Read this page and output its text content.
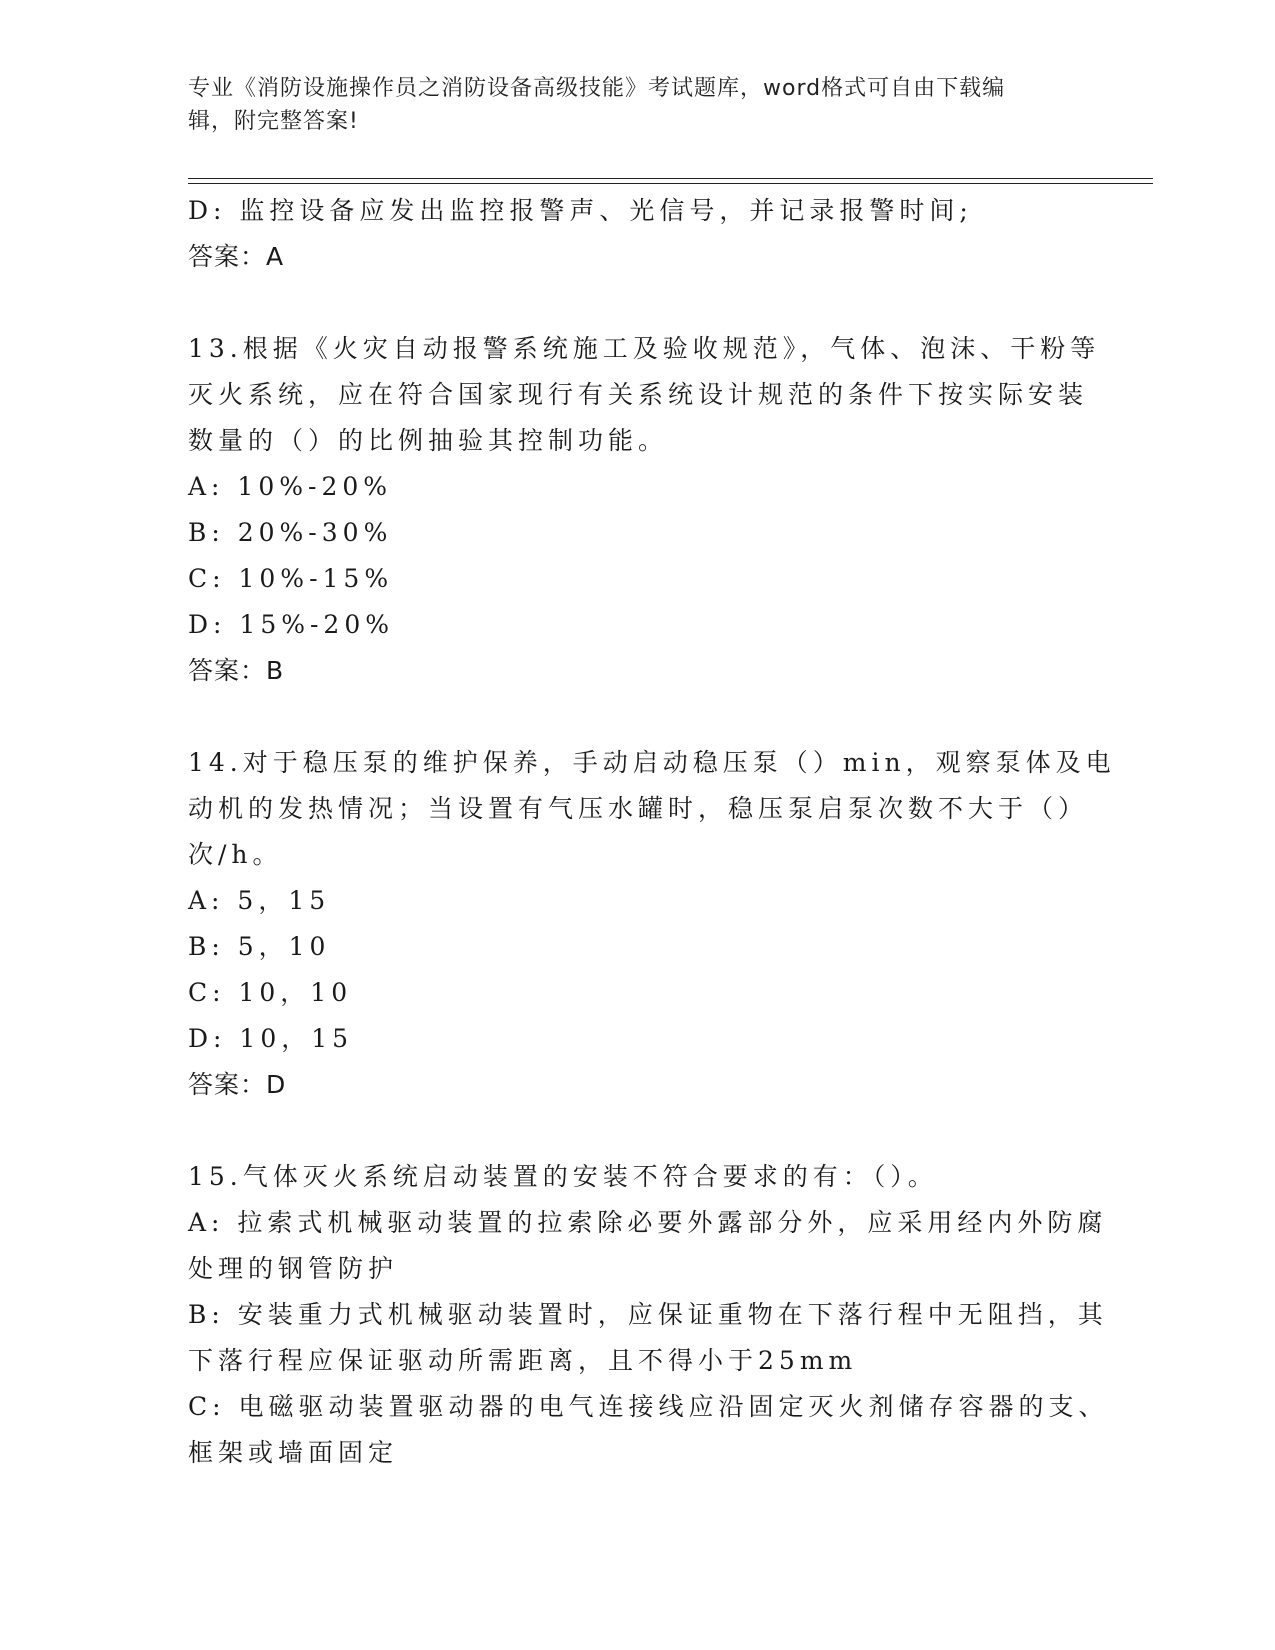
专业《消防设施操作员之消防设备高级技能》考试题库，word格式可自由下载编
辑，附完整答案!
D: 监控设备应发出监控报警声、光信号，并记录报警时间;
答案：A
13.根据《火灾自动报警系统施工及验收规范》，气体、泡沫、干粉等
灭火系统，应在符合国家现行有关系统设计规范的条件下按实际安装
数量的（）的比例抽验其控制功能。
A: 10%-20%
B: 20%-30%
C: 10%-15%
D: 15%-20%
答案：B
14.对于稳压泵的维护保养，手动启动稳压泵（）min，观察泵体及电
动机的发热情况；当设置有气压水罐时，稳压泵启泵次数不大于（）
次/h。
A: 5，15
B: 5，10
C: 10，10
D: 10，15
答案：D
15.气体灭火系统启动装置的安装不符合要求的有：（）。
A: 拉索式机械驱动装置的拉索除必要外露部分外，应采用经内外防腐
处理的钢管防护
B: 安装重力式机械驱动装置时，应保证重物在下落行程中无阻挡，其
下落行程应保证驱动所需距离，且不得小于25mm
C: 电磁驱动装置驱动器的电气连接线应沿固定灭火剂储存容器的支、
框架或墙面固定
